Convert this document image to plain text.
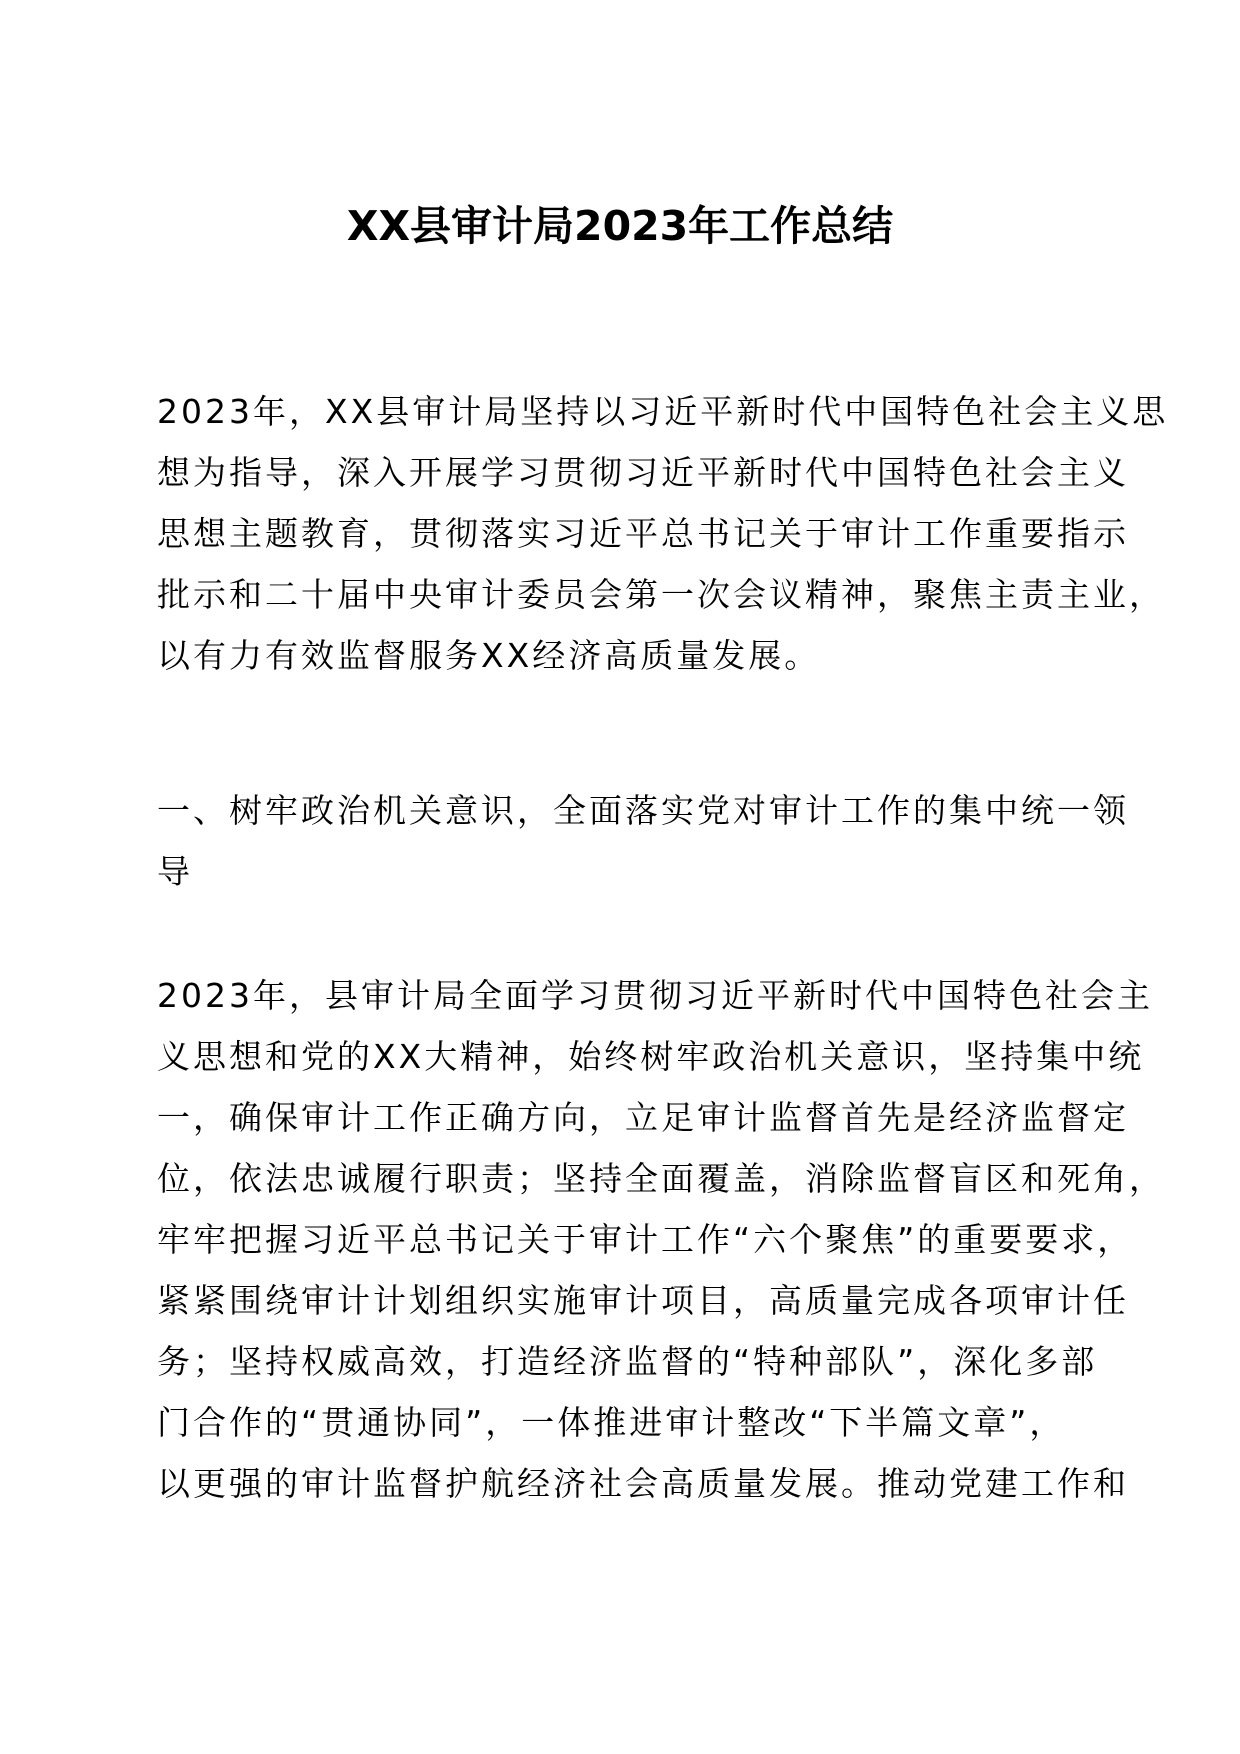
XX县审计局2023年工作总结
2023年，XX县审计局坚持以习近平新时代中国特色社会主义思
想为指导，深入开展学习贯彻习近平新时代中国特色社会主义
思想主题教育，贯彻落实习近平总书记关于审计工作重要指示
批示和二十届中央审计委员会第一次会议精神，聚焦主责主业，
以有力有效监督服务XX经济高质量发展。
一、树牢政治机关意识，全面落实党对审计工作的集中统一领
导
2023年，县审计局全面学习贯彻习近平新时代中国特色社会主
义思想和党的XX大精神，始终树牢政治机关意识，坚持集中统
一，确保审计工作正确方向，立足审计监督首先是经济监督定
位，依法忠诚履行职责；坚持全面覆盖，消除监督盲区和死角，
牢牢把握习近平总书记关于审计工作“六个聚焦”的重要要求，
紧紧围绕审计计划组织实施审计项目，高质量完成各项审计任
务；坚持权威高效，打造经济监督的“特种部队”，深化多部
门合作的“贯通协同”，一体推进审计整改“下半篇文章”，
以更强的审计监督护航经济社会高质量发展。推动党建工作和
